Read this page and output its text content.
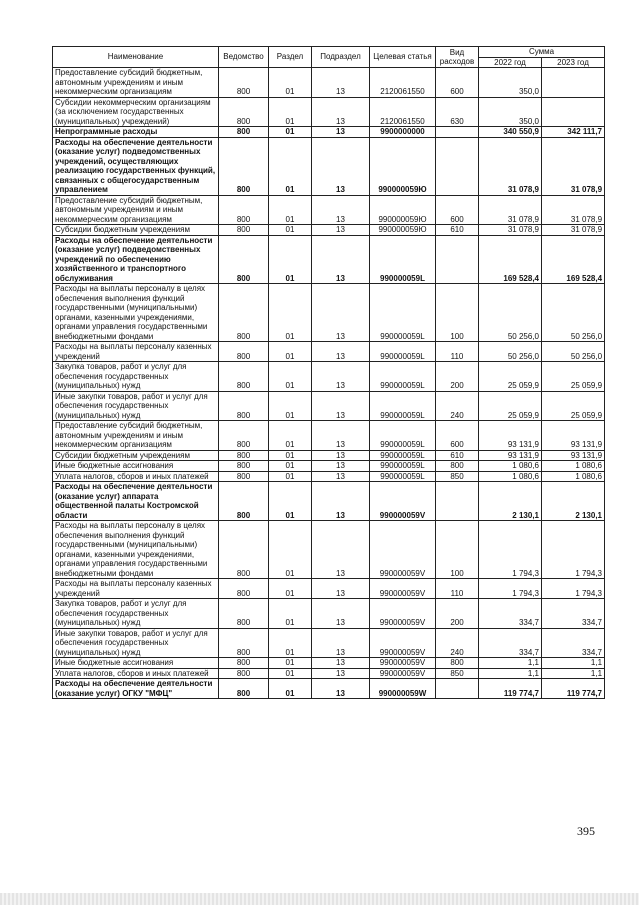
Наименование	Ведомство	Раздел	Подраздел	Целевая статья	Вид расходов	Сумма	
						2022 год	2023 год
Предоставление субсидий бюджетным, автономным учреждениям и иным некоммерческим организациям	800	01	13	2120061550	600	350,0	
Субсидии некоммерческим организациям (за исключением государственных (муниципальных) учреждений)	800	01	13	2120061550	630	350,0	
Непрограммные расходы	800	01	13	9900000000		340 550,9	342 111,7
Расходы на обеспечение деятельности (оказание услуг) подведомственных учреждений, осуществляющих реализацию государственных функций, связанных с общегосударственным управлением	800	01	13	990000059Ю		31 078,9	31 078,9
Предоставление субсидий бюджетным, автономным учреждениям и иным некоммерческим организациям	800	01	13	990000059Ю	600	31 078,9	31 078,9
Субсидии бюджетным учреждениям	800	01	13	990000059Ю	610	31 078,9	31 078,9
Расходы на обеспечение деятельности (оказание услуг) подведомственных учреждений по обеспечению хозяйственного и транспортного обслуживания	800	01	13	990000059L		169 528,4	169 528,4
Расходы на выплаты персоналу в целях обеспечения выполнения функций государственными (муниципальными) органами, казенными учреждениями, органами управления государственными внебюджетными фондами	800	01	13	990000059L	100	50 256,0	50 256,0
Расходы на выплаты персоналу казенных учреждений	800	01	13	990000059L	110	50 256,0	50 256,0
Закупка товаров, работ и услуг для обеспечения государственных (муниципальных) нужд	800	01	13	990000059L	200	25 059,9	25 059,9
Иные закупки товаров, работ и услуг для обеспечения государственных (муниципальных) нужд	800	01	13	990000059L	240	25 059,9	25 059,9
Предоставление субсидий бюджетным, автономным учреждениям и иным некоммерческим организациям	800	01	13	990000059L	600	93 131,9	93 131,9
Субсидии бюджетным учреждениям	800	01	13	990000059L	610	93 131,9	93 131,9
Иные бюджетные ассигнования	800	01	13	990000059L	800	1 080,6	1 080,6
Уплата налогов, сборов и иных платежей	800	01	13	990000059L	850	1 080,6	1 080,6
Расходы на обеспечение деятельности (оказание услуг) аппарата общественной палаты Костромской области	800	01	13	990000059V		2 130,1	2 130,1
Расходы на выплаты персоналу в целях обеспечения выполнения функций государственными (муниципальными) органами, казенными учреждениями, органами управления государственными внебюджетными фондами	800	01	13	990000059V	100	1 794,3	1 794,3
Расходы на выплаты персоналу казенных учреждений	800	01	13	990000059V	110	1 794,3	1 794,3
Закупка товаров, работ и услуг для обеспечения государственных (муниципальных) нужд	800	01	13	990000059V	200	334,7	334,7
Иные закупки товаров, работ и услуг для обеспечения государственных (муниципальных) нужд	800	01	13	990000059V	240	334,7	334,7
Иные бюджетные ассигнования	800	01	13	990000059V	800	1,1	1,1
Уплата налогов, сборов и иных платежей	800	01	13	990000059V	850	1,1	1,1
Расходы на обеспечение деятельности (оказание услуг) ОГКУ "МФЦ"	800	01	13	990000059W		119 774,7	119 774,7
395
